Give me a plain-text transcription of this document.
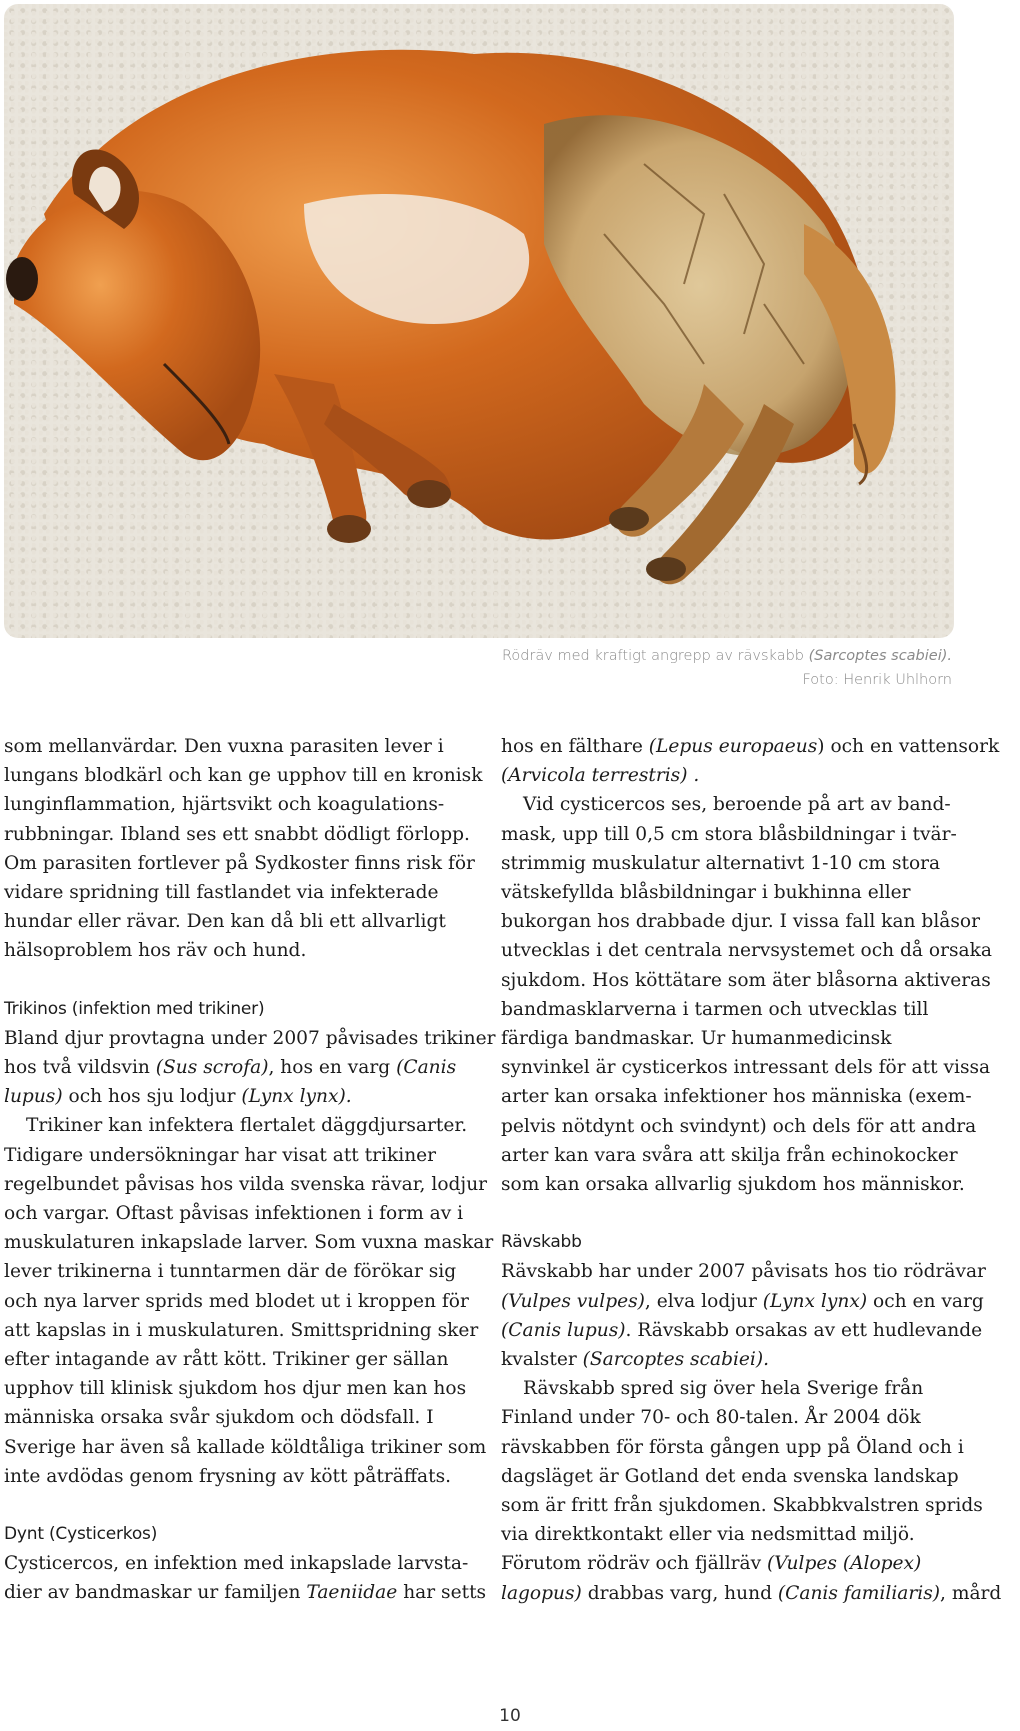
Rödräv med kraftigt angrepp av rävskabb (Sarcoptes scabiei).
Foto: Henrik Uhlhorn

som mellanvärdar. Den vuxna parasiten lever i
lungans blodkärl och kan ge upphov till en kronisk
lunginflammation, hjärtsvikt och koagulations-
rubbningar. Ibland ses ett snabbt dödligt förlopp.
Om parasiten fortlever på Sydkoster finns risk för
vidare spridning till fastlandet via infekterade
hundar eller rävar. Den kan då bli ett allvarligt
hälsoproblem hos räv och hund.

Trikinos (infektion med trikiner)

Bland djur provtagna under 2007 påvisades trikiner
hos två vildsvin (Sus scrofa), hos en varg (Canis
lupus) och hos sju lodjur (Lynx lynx).

Trikiner kan infektera flertalet däggdjursarter.
Tidigare undersökningar har visat att trikiner
regelbundet påvisas hos vilda svenska rävar, lodjur
och vargar. Oftast påvisas infektionen i form av i
muskulaturen inkapslade larver. Som vuxna maskar
lever trikinerna i tunntarmen där de förökar sig
och nya larver sprids med blodet ut i kroppen för
att kapslas in i muskulaturen. Smittspridning sker
efter intagande av rått kött. Trikiner ger sällan
upphov till klinisk sjukdom hos djur men kan hos
människa orsaka svår sjukdom och dödsfall. I
Sverige har även så kallade köldtåliga trikiner som
inte avdödas genom frysning av kött påträffats.

Dynt (Cysticerkos)

Cysticercos, en infektion med inkapslade larvsta-
dier av bandmaskar ur familjen Taeniidae har setts

hos en fälthare (Lepus europaeus) och en vattensork
(Arvicola terrestris) .

Vid cysticercos ses, beroende på art av band-
mask, upp till 0,5 cm stora blåsbildningar i tvär-
strimmig muskulatur alternativt 1-10 cm stora
vätskefyllda blåsbildningar i bukhinna eller
bukorgan hos drabbade djur. I vissa fall kan blåsor
utvecklas i det centrala nervsystemet och då orsaka
sjukdom. Hos köttätare som äter blåsorna aktiveras
bandmasklarverna i tarmen och utvecklas till
färdiga bandmaskar. Ur humanmedicinsk
synvinkel är cysticerkos intressant dels för att vissa
arter kan orsaka infektioner hos människa (exem-
pelvis nötdynt och svindynt) och dels för att andra
arter kan vara svåra att skilja från echinokocker
som kan orsaka allvarlig sjukdom hos människor.

Rävskabb

Rävskabb har under 2007 påvisats hos tio rödrävar
(Vulpes vulpes), elva lodjur (Lynx lynx) och en varg
(Canis lupus). Rävskabb orsakas av ett hudlevande
kvalster (Sarcoptes scabiei).

Rävskabb spred sig över hela Sverige från
Finland under 70- och 80-talen. År 2004 dök
rävskabben för första gången upp på Öland och i
dagsläget är Gotland det enda svenska landskap
som är fritt från sjukdomen. Skabbkvalstren sprids
via direktkontakt eller via nedsmittad miljö.
Förutom rödräv och fjällräv (Vulpes (Alopex)
lagopus) drabbas varg, hund (Canis familiaris), mård

10
